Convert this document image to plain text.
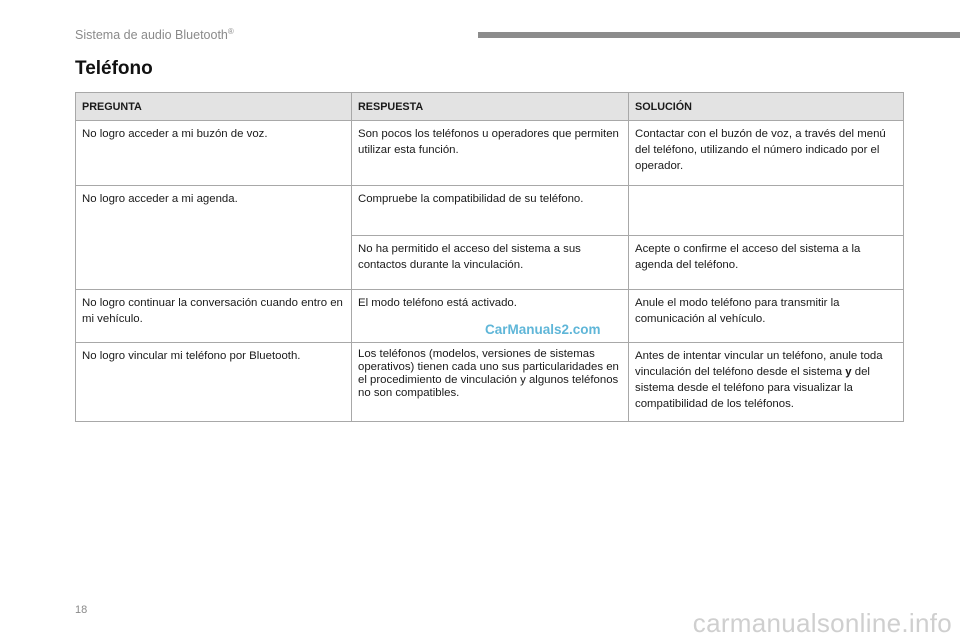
Sistema de audio Bluetooth®
Teléfono
PREGUNTA	RESPUESTA	SOLUCIÓN
No logro acceder a mi buzón de voz.	Son pocos los teléfonos u operadores que permiten utilizar esta función.	Contactar con el buzón de voz, a través del menú del teléfono, utilizando el número indicado por el operador.
No logro acceder a mi agenda.	Compruebe la compatibilidad de su teléfono.	
	No ha permitido el acceso del sistema a sus contactos durante la vinculación.	Acepte o confirme el acceso del sistema a la agenda del teléfono.
No logro continuar la conversación cuando entro en mi vehículo.	El modo teléfono está activado.	Anule el modo teléfono para transmitir la comunicación al vehículo.
No logro vincular mi teléfono por Bluetooth.	Los teléfonos (modelos, versiones de sistemas operativos) tienen cada uno sus particularidades en el procedimiento de vinculación y algunos teléfonos no son compatibles.	Antes de intentar vincular un teléfono, anule toda vinculación del teléfono desde el sistema y del sistema desde el teléfono para visualizar la compatibilidad de los teléfonos.
CarManuals2.com
18	carmanualsonline.info
